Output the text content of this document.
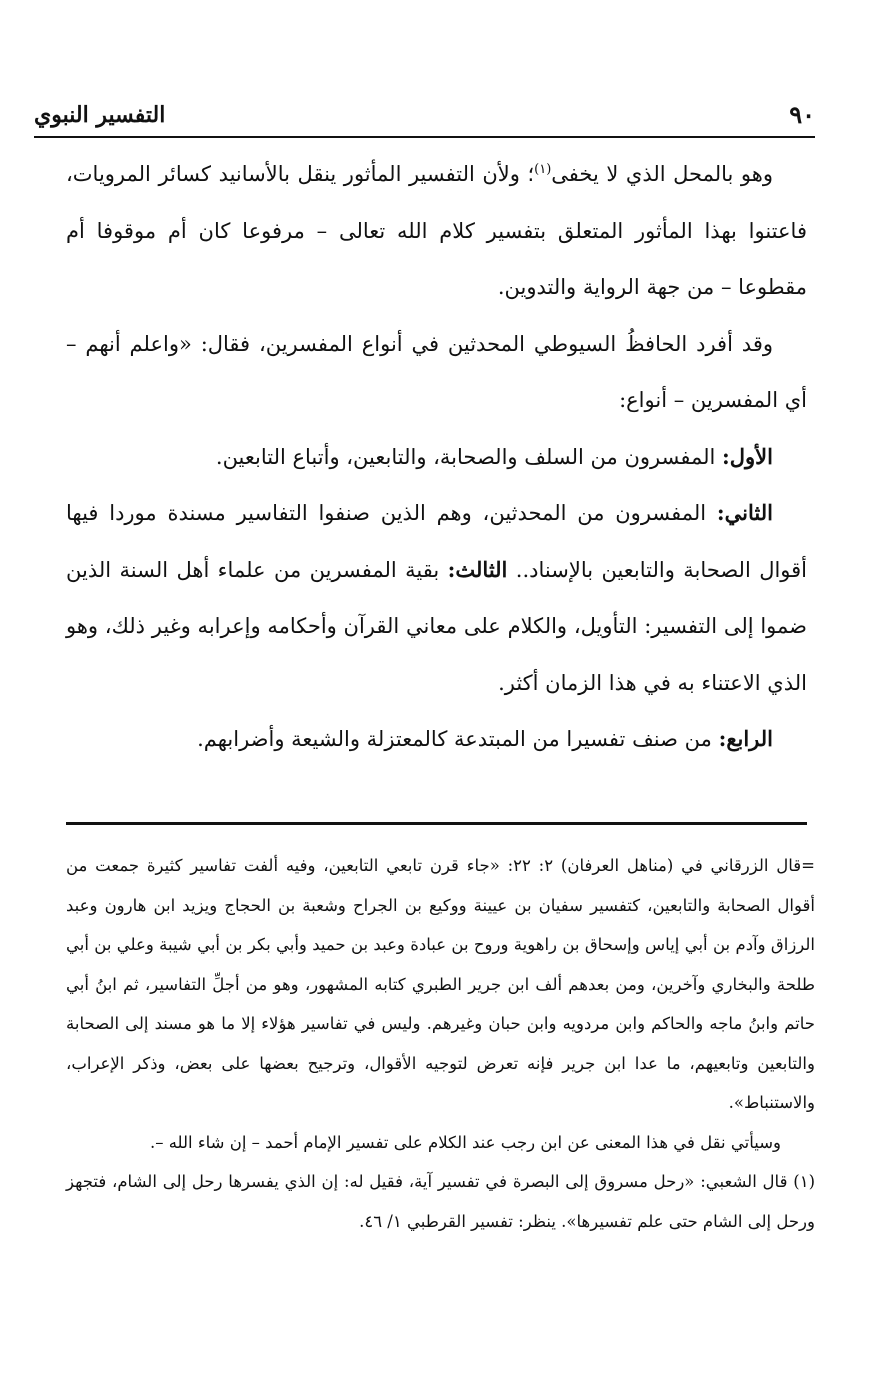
٩٠
التفسير النبوي

وهو بالمحل الذي لا يخفى$^{(١)}$؛ ولأن التفسير المأثور ينقل بالأسانيد كسائر المرويات، فاعتنوا بهذا المأثور المتعلق بتفسير كلام الله تعالى – مرفوعا كان أم موقوفا أم مقطوعا – من جهة الرواية والتدوين.

وقد أفرد الحافظُ السيوطي المحدثين في أنواع المفسرين، فقال: «واعلم أنهم – أي المفسرين – أنواع:

الأول: المفسرون من السلف والصحابة، والتابعين، وأتباع التابعين.

الثاني: المفسرون من المحدثين، وهم الذين صنفوا التفاسير مسندة موردا فيها أقوال الصحابة والتابعين بالإسناد.. الثالث: بقية المفسرين من علماء أهل السنة الذين ضموا إلى التفسير: التأويل، والكلام على معاني القرآن وأحكامه وإعرابه وغير ذلك، وهو الذي الاعتناء به في هذا الزمان أكثر.

الرابع: من صنف تفسيرا من المبتدعة كالمعتزلة والشيعة وأضرابهم.

=قال الزرقاني في (مناهل العرفان) ٢: ٢٢: «جاء قرن تابعي التابعين، وفيه ألفت تفاسير كثيرة جمعت من أقوال الصحابة والتابعين، كتفسير سفيان بن عيينة ووكيع بن الجراح وشعبة بن الحجاج ويزيد ابن هارون وعبد الرزاق وآدم بن أبي إياس وإسحاق بن راهوية وروح بن عبادة وعبد بن حميد وأبي بكر بن أبي شيبة وعلي بن أبي طلحة والبخاري وآخرين، ومن بعدهم ألف ابن جرير الطبري كتابه المشهور، وهو من أجلِّ التفاسير، ثم ابنُ أبي حاتم وابنُ ماجه والحاكم وابن مردويه وابن حبان وغيرهم. وليس في تفاسير هؤلاء إلا ما هو مسند إلى الصحابة والتابعين وتابعيهم، ما عدا ابن جرير فإنه تعرض لتوجيه الأقوال، وترجيح بعضها على بعض، وذكر الإعراب، والاستنباط».

وسيأتي نقل في هذا المعنى عن ابن رجب عند الكلام على تفسير الإمام أحمد – إن شاء الله –.

(١) قال الشعبي: «رحل مسروق إلى البصرة في تفسير آية، فقيل له: إن الذي يفسرها رحل إلى الشام، فتجهز ورحل إلى الشام حتى علم تفسيرها». ينظر: تفسير القرطبي ١/ ٤٦.
